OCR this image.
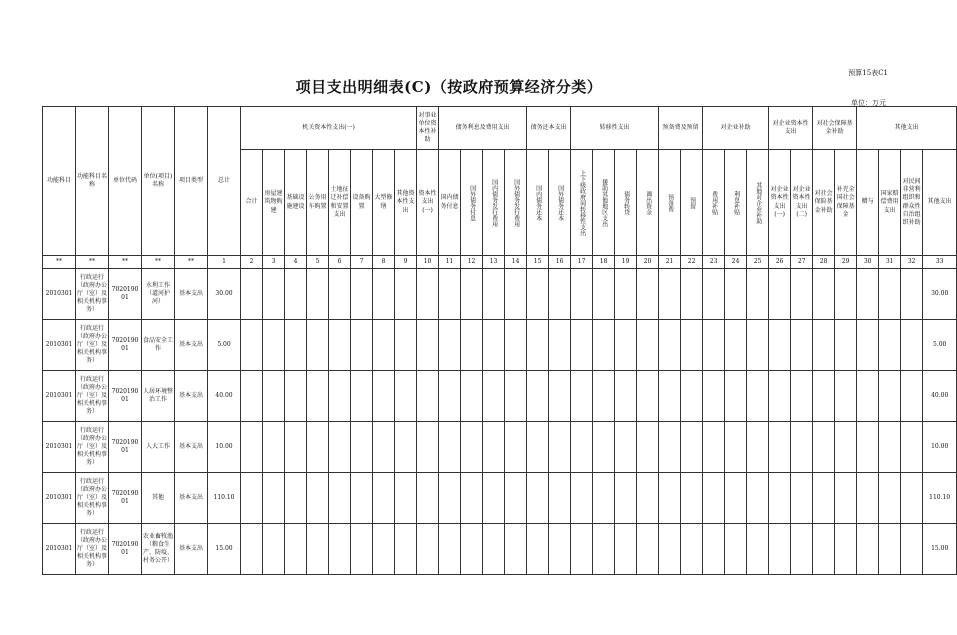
预算15表C1
项目支出明细表(C)（按政府预算经济分类）
单位：万元
功能科目	功能科目名称	单位代码	单位(项目)名称	项目类型	总计	机关资本性支出(一)								对事业单位资本性补助	债务利息及费用支出				债务还本支出		转移性支出				预备费及预留		对企业补助			对企业资本性支出		对社会保障基金补助		其他支出			
						合计	房屋建筑物购建	基础设施建设	公务用车购置	土地征迁补偿和安置支出	设备购置	大型修缮	其他资本性支出	资本性支出(一)	国内债务付息	国外债务付息	国内债务发行费用	国外债务发行费用	国内债务还本	国外债务还本	上下级政府间转移性支出	援助其他地区支出	债务转贷	调出资金	预备费	预留	费用补贴	利息补贴	其他对企业补助	对企业资本性支出(一)	对企业资本性支出(二)	对社会保险基金补助	补充全国社会保障基金	赠与	国家赔偿费用支出	对民间非营利组织和群众性自治组织补助	其他支出
**	**	**	**	**	1	2	3	4	5	6	7	8	9	10	11	12	13	14	15	16	17	18	19	20	21	22	23	24	25	26	27	28	29	30	31	32	33
2010301	行政运行（政府办公厅（室）及相关机构事务）	702019001	水利工作（道河护河）	基本支出	30.00																																30.00
2010301	行政运行（政府办公厅（室）及相关机构事务）	702019001	食品安全工作	基本支出	5.00																																5.00
2010301	行政运行（政府办公厅（室）及相关机构事务）	702019001	人居环境整治工作	基本支出	40.00																																40.00
2010301	行政运行（政府办公厅（室）及相关机构事务）	702019001	人大工作	基本支出	10.00																																10.00
2010301	行政运行（政府办公厅（室）及相关机构事务）	702019001	其他	基本支出	110.10																																110.10
2010301	行政运行（政府办公厅（室）及相关机构事务）	702019001	农业畜牧渔（粮食生产、防疫、村务公开）	基本支出	15.00																																15.00
